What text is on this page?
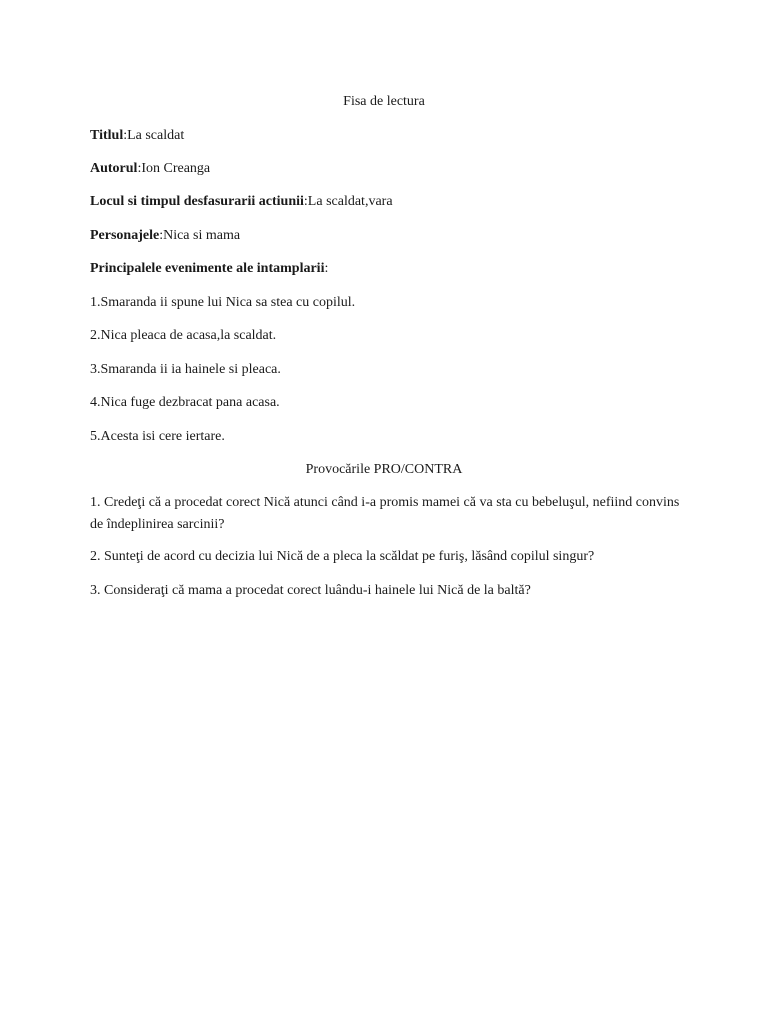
Fisa de lectura
Titlul:La scaldat
Autorul:Ion Creanga
Locul si timpul desfasurarii actiunii:La scaldat,vara
Personajele:Nica si mama
Principalele evenimente ale intamplarii:
1.Smaranda ii spune lui Nica sa stea cu copilul.
2.Nica pleaca de acasa,la scaldat.
3.Smaranda ii ia hainele si pleaca.
4.Nica fuge dezbracat pana acasa.
5.Acesta isi cere iertare.
Provocările PRO/CONTRA
1. Credeţi că a procedat corect Nică atunci când i-a promis mamei că va sta cu bebeluşul, nefiind convins de îndeplinirea sarcinii?
2. Sunteţi de acord cu decizia lui Nică de a pleca la scăldat pe furiş, lăsând copilul singur?
3. Consideraţi că mama a procedat corect luându-i hainele lui Nică de la baltă?
